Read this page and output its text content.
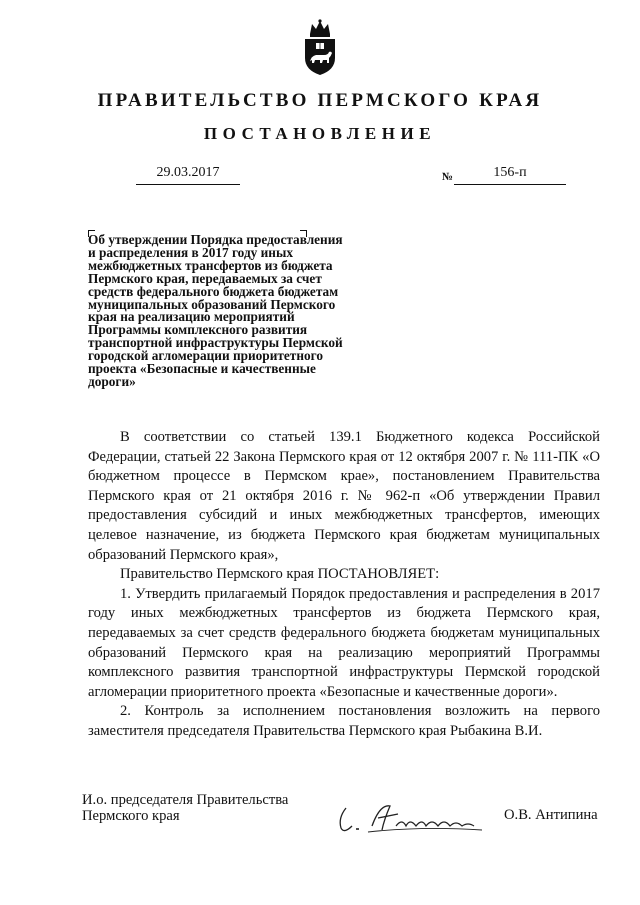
ПРАВИТЕЛЬСТВО ПЕРМСКОГО КРАЯ
ПОСТАНОВЛЕНИЕ
29.03.2017	№	156-п
Об утверждении Порядка предоставления
и распределения в 2017 году иных
межбюджетных трансфертов из бюджета
Пермского края, передаваемых за счет
средств федерального бюджета бюджетам
муниципальных образований Пермского
края на реализацию мероприятий
Программы комплексного развития
транспортной инфраструктуры Пермской
городской агломерации приоритетного
проекта «Безопасные и качественные
дороги»

В соответствии со статьей 139.1 Бюджетного кодекса Российской Федерации, статьей 22 Закона Пермского края от 12 октября 2007 г. № 111-ПК «О бюджетном процессе в Пермском крае», постановлением Правительства Пермского края от 21 октября 2016 г. № 962-п «Об утверждении Правил предоставления субсидий и иных межбюджетных трансфертов, имеющих целевое назначение, из бюджета Пермского края бюджетам муниципальных образований Пермского края»,

Правительство Пермского края ПОСТАНОВЛЯЕТ:

1. Утвердить прилагаемый Порядок предоставления и распределения в 2017 году иных межбюджетных трансфертов из бюджета Пермского края, передаваемых за счет средств федерального бюджета бюджетам муниципальных образований Пермского края на реализацию мероприятий Программы комплексного развития транспортной инфраструктуры Пермской городской агломерации приоритетного проекта «Безопасные и качественные дороги».

2. Контроль за исполнением постановления возложить на первого заместителя председателя Правительства Пермского края Рыбакина В.И.

И.о. председателя Правительства
Пермского края	О.В. Антипина
